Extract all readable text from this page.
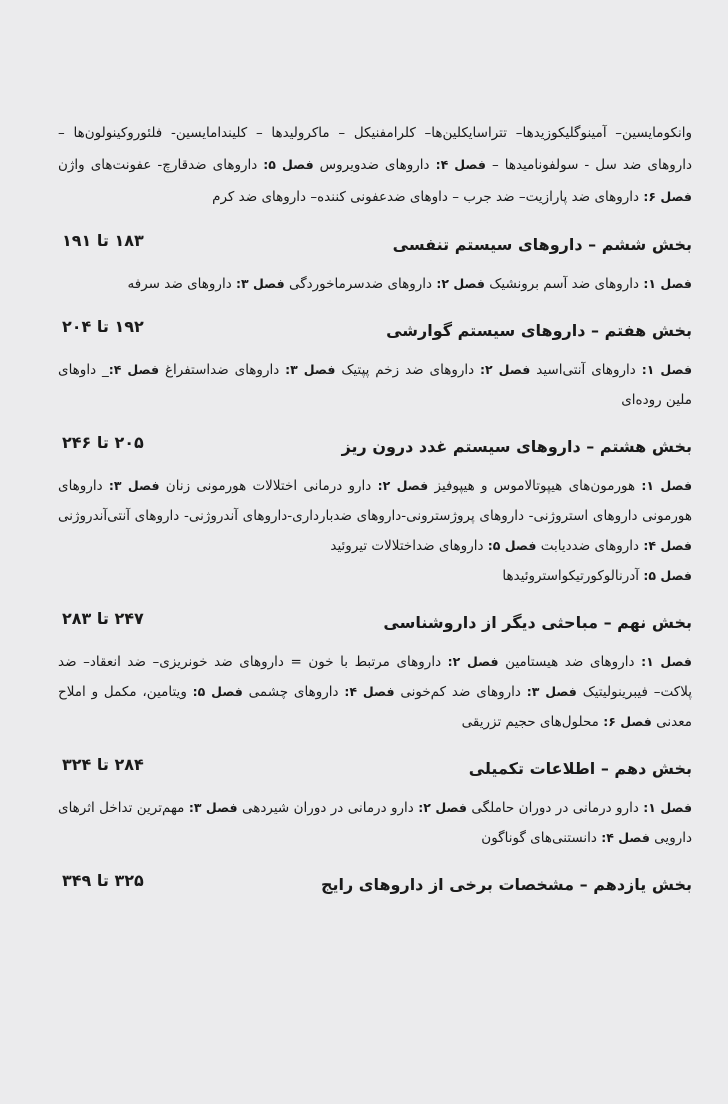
وانکومایسین– آمینوگلیکوزیدها– تتراسایکلین‌ها– کلرامفنیکل – ماکرولیدها – کلیندامایسین- فلئوروکینولون‌ها – داروهای ضد سل - سولفونامیدها – فصل ۴: داروهای ضدویروس فصل ۵: داروهای ضدقارچ- عفونت‌های واژن فصل ۶: داروهای ضد پارازیت– ضد جرب – داوهای ضدعفونی کننده– داروهای ضد کرم

بخش ششم – داروهای سیستم تنفسی
۱۸۳ تا ۱۹۱

فصل ۱: داروهای ضد آسم برونشیک فصل ۲: داروهای ضدسرماخوردگی فصل ۳: داروهای ضد سرفه

بخش هفتم – داروهای سیستم گوارشی
۱۹۲ تا ۲۰۴

فصل ۱: داروهای آنتی‌اسید فصل ۲: داروهای ضد زخم پپتیک فصل ۳: داروهای ضداستفراغ فصل ۴:_ داوهای ملین روده‌ای

بخش هشتم – داروهای سیستم غدد درون ریز
۲۰۵ تا ۲۴۶

فصل ۱: هورمون‌های هیپوتالاموس و هیپوفیز فصل ۲: دارو درمانی اختلالات هورمونی زنان فصل ۳: داروهای هورمونی داروهای استروژنی- داروهای پروژسترونی-داروهای ضدبارداری-داروهای آندروژنی- داروهای آنتی‌آندروژنی فصل ۴: داروهای ضددیابت فصل ۵: داروهای ضداختلالات تیروئید

فصل ۵: آدرنالوکورتیکواستروئیدها

بخش نهم – مباحثی دیگر از داروشناسی
۲۴۷ تا ۲۸۳

فصل ۱: داروهای ضد هیستامین فصل ۲: داروهای مرتبط با خون = داروهای ضد خونریزی– ضد انعقاد– ضد پلاکت– فیبرینولیتیک فصل ۳: داروهای ضد کم‌خونی فصل ۴: داروهای چشمی فصل ۵: ویتامین، مکمل و املاح معدنی فصل ۶: محلول‌های حجیم تزریقی

بخش دهم – اطلاعات تکمیلی
۲۸۴ تا ۳۲۴

فصل ۱: دارو درمانی در دوران حاملگی فصل ۲: دارو درمانی در دوران شیردهی فصل ۳: مهم‌ترین تداخل اثرهای دارویی فصل ۴: دانستنی‌های گوناگون

بخش یازدهم – مشخصات برخی از داروهای رایج
۳۲۵ تا ۳۴۹
